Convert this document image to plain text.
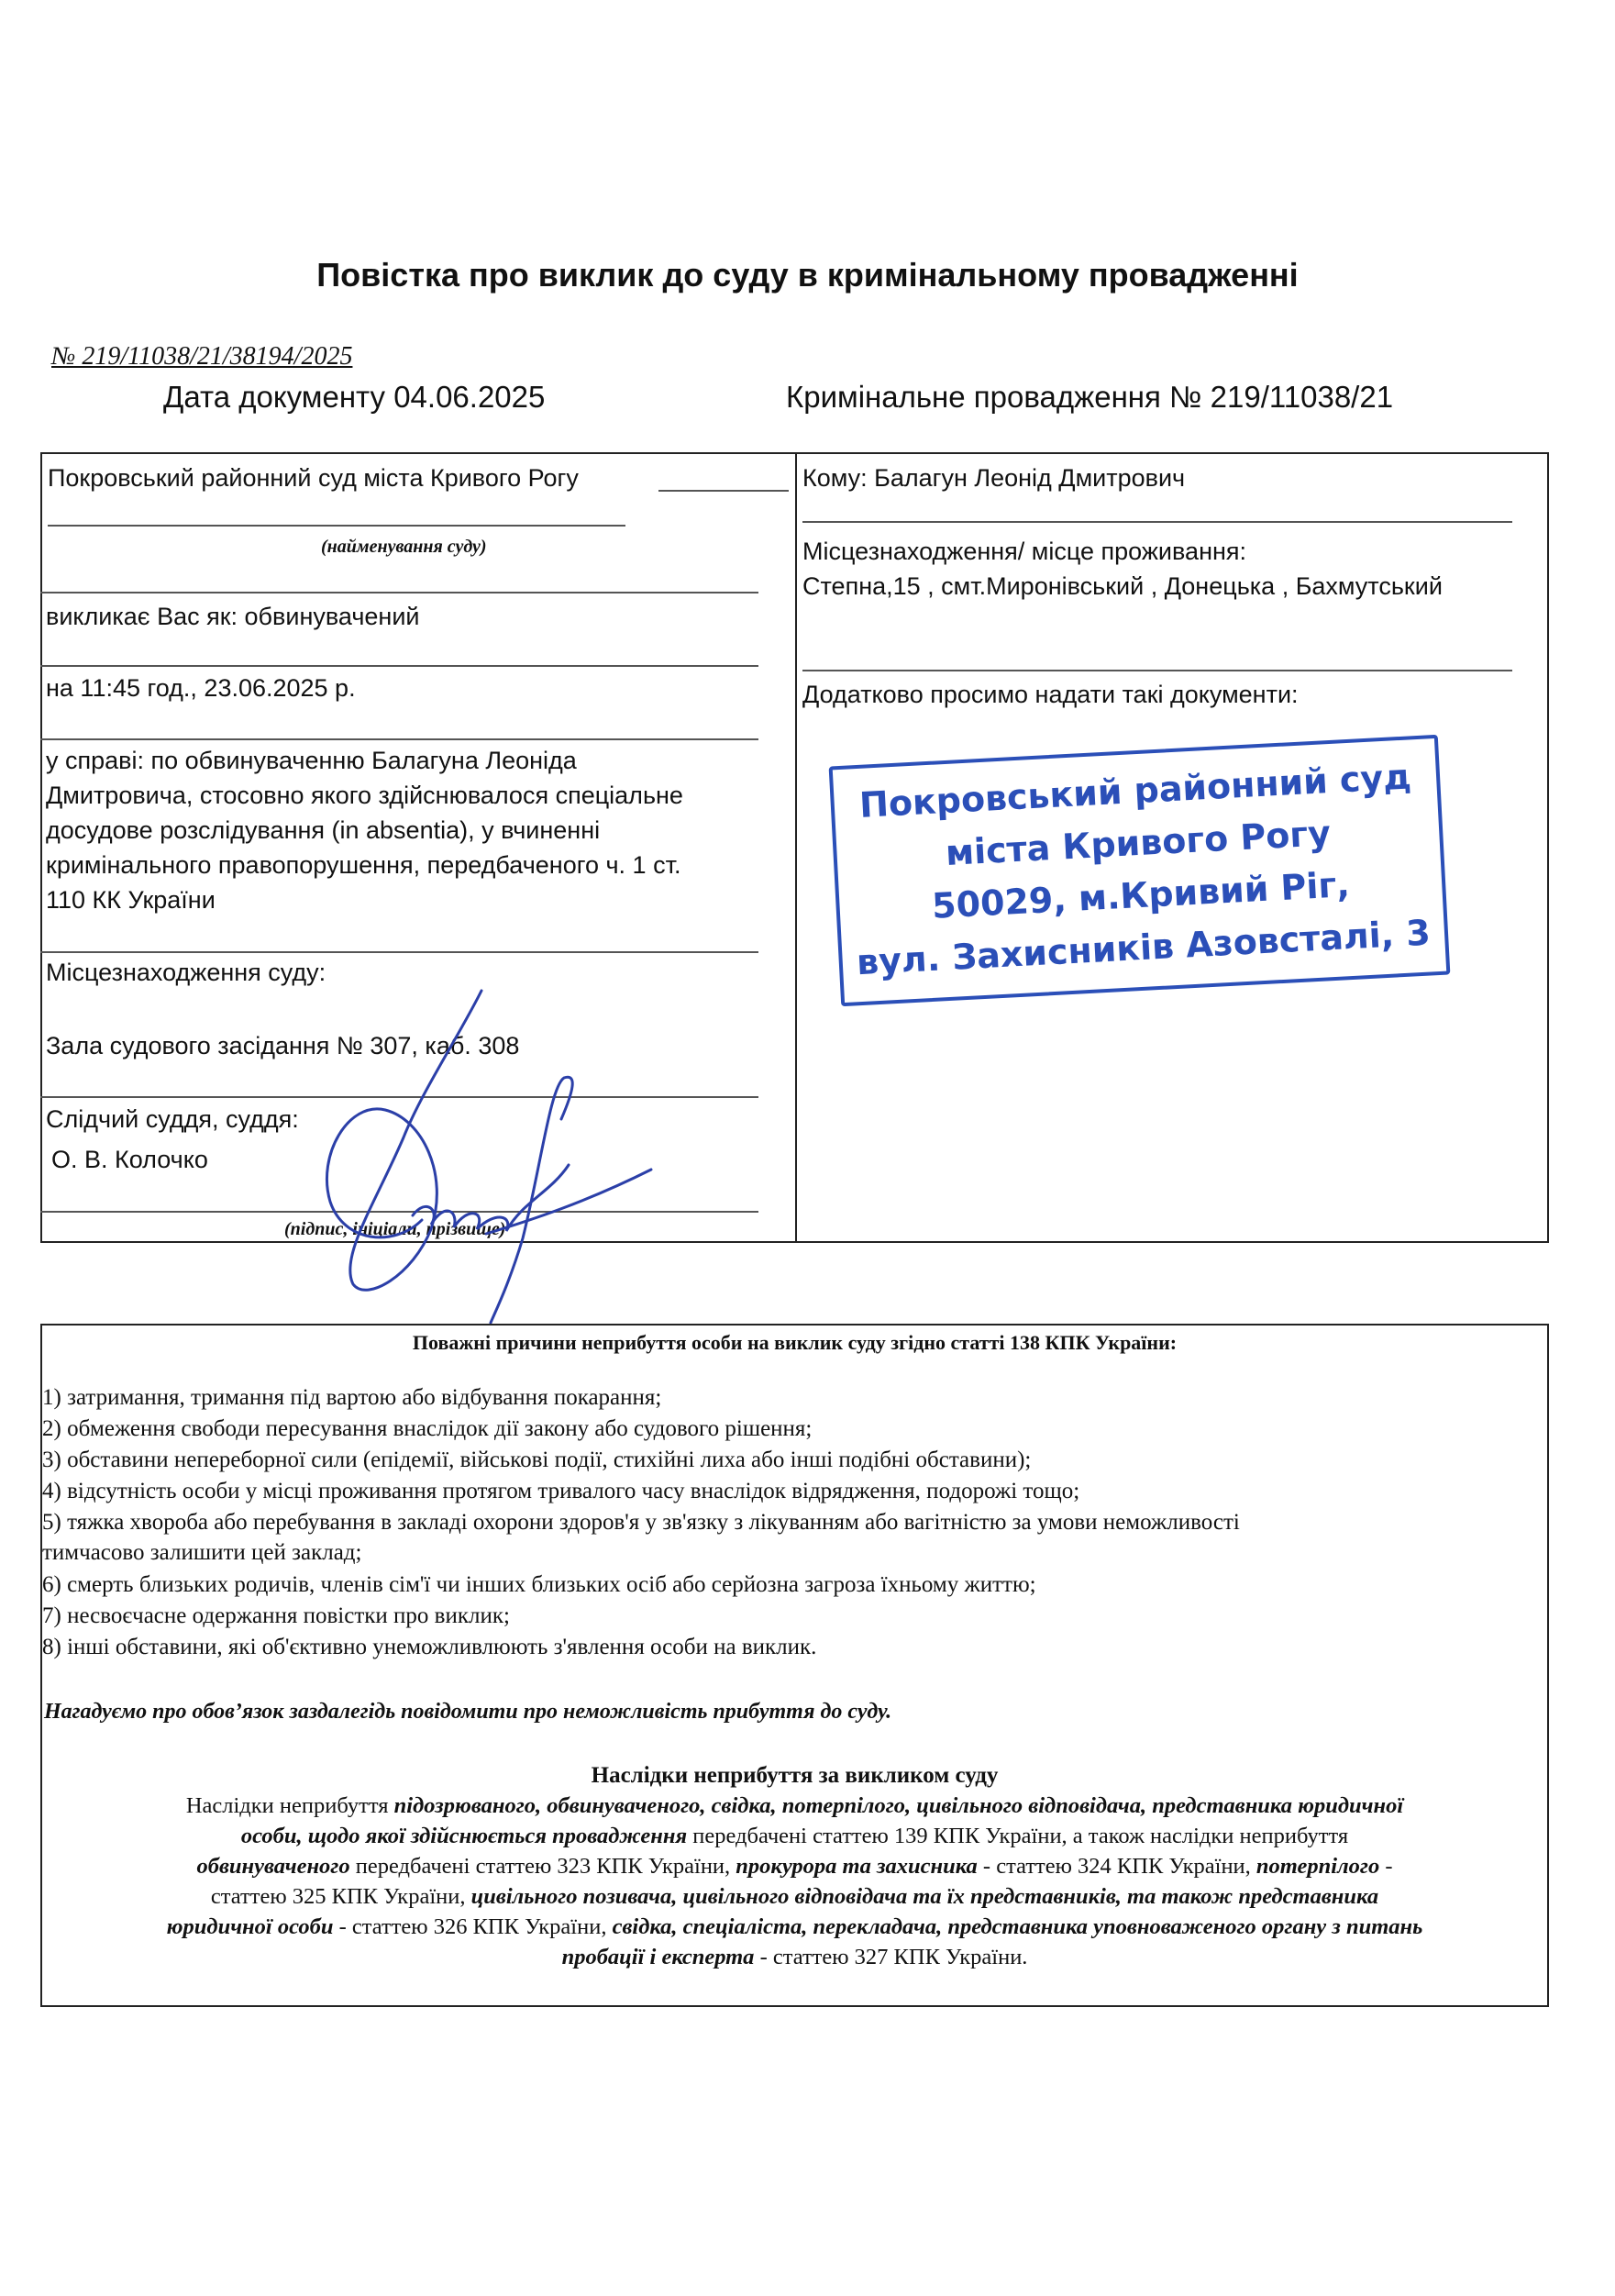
Повістка про виклик до суду в кримінальному провадженні
№ 219/11038/21/38194/2025
Дата документу 04.06.2025	Кримінальне провадження № 219/11038/21
Покровський районний суд міста Кривого Рогу
(найменування суду)
викликає Вас як: обвинувачений
на 11:45 год., 23.06.2025 р.
у справі: по обвинуваченню Балагуна Леоніда
Дмитровича, стосовно якого здійснювалося спеціальне
досудове розслідування (in absentia), у вчиненні
кримінального правопорушення, передбаченого ч. 1 ст.
110 КК України
Місцезнаходження суду:
Зала судового засідання № 307, каб. 308
Слідчий суддя, суддя:
О. В. Колочко
(підпис, ініціали, прізвище)
Кому: Балагун Леонід Дмитрович
Місцезнаходження/ місце проживання:
Степна,15 , смт.Миронівський , Донецька , Бахмутський
Додатково просимо надати такі документи:
Покровський районний суд
міста Кривого Рогу
50029, м.Кривий Ріг,
вул. Захисників Азовсталі, 3
Поважні причини неприбуття особи на виклик суду згідно статті 138 КПК України:
1) затримання, тримання під вартою або відбування покарання;
2) обмеження свободи пересування внаслідок дії закону або судового рішення;
3) обставини непереборної сили (епідемії, військові події, стихійні лиха або інші подібні обставини);
4) відсутність особи у місці проживання протягом тривалого часу внаслідок відрядження, подорожі тощо;
5) тяжка хвороба або перебування в закладі охорони здоров'я у зв'язку з лікуванням або вагітністю за умови неможливості
тимчасово залишити цей заклад;
6) смерть близьких родичів, членів сім'ї чи інших близьких осіб або серйозна загроза їхньому життю;
7) несвоєчасне одержання повістки про виклик;
8) інші обставини, які об'єктивно унеможливлюють з'явлення особи на виклик.
Нагадуємо про обов’язок заздалегідь повідомити про неможливість прибуття до суду.
Наслідки неприбуття за викликом суду
Наслідки неприбуття підозрюваного, обвинуваченого, свідка, потерпілого, цивільного відповідача, представника юридичної
особи, щодо якої здійснюється провадження передбачені статтею 139 КПК України, а також наслідки неприбуття
обвинуваченого передбачені статтею 323 КПК України, прокурора та захисника - статтею 324 КПК України, потерпілого -
статтею 325 КПК України, цивільного позивача, цивільного відповідача та їх представників, та також представника
юридичної особи - статтею 326 КПК України, свідка, спеціаліста, перекладача, представника уповноваженого органу з питань
пробації і експерта - статтею 327 КПК України.
